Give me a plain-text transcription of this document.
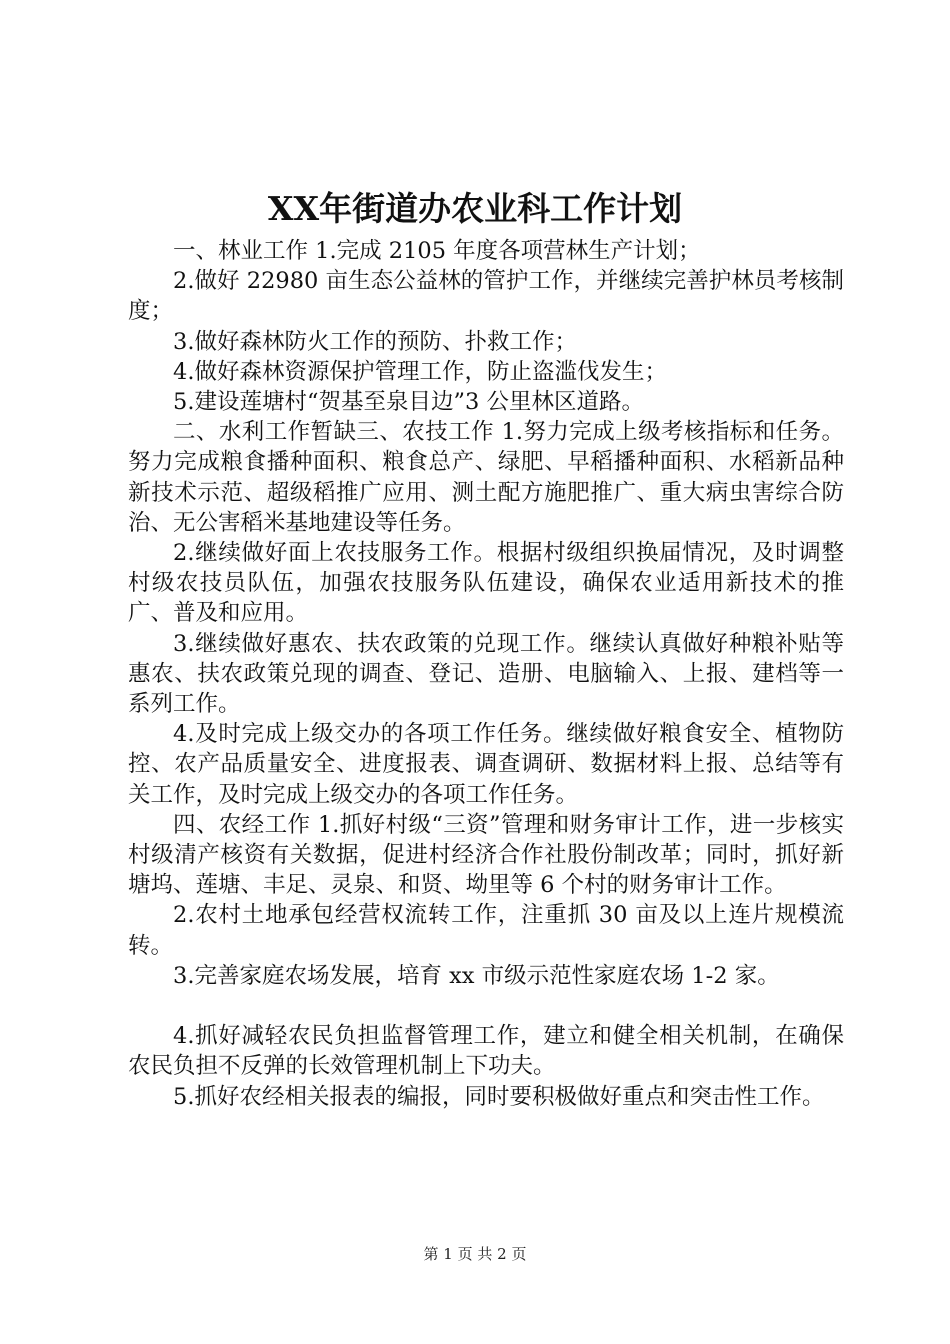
XX年街道办农业科工作计划

一、林业工作 1.完成 2105 年度各项营林生产计划；

2.做好 22980 亩生态公益林的管护工作，并继续完善护林员考核制度；

3.做好森林防火工作的预防、扑救工作；

4.做好森林资源保护管理工作，防止盗滥伐发生；

5.建设莲塘村“贺基至泉目边”3 公里林区道路。

二、水利工作暂缺三、农技工作 1.努力完成上级考核指标和任务。努力完成粮食播种面积、粮食总产、绿肥、早稻播种面积、水稻新品种新技术示范、超级稻推广应用、测土配方施肥推广、重大病虫害综合防治、无公害稻米基地建设等任务。

2.继续做好面上农技服务工作。根据村级组织换届情况，及时调整村级农技员队伍，加强农技服务队伍建设，确保农业适用新技术的推广、普及和应用。

3.继续做好惠农、扶农政策的兑现工作。继续认真做好种粮补贴等惠农、扶农政策兑现的调查、登记、造册、电脑输入、上报、建档等一系列工作。

4.及时完成上级交办的各项工作任务。继续做好粮食安全、植物防控、农产品质量安全、进度报表、调查调研、数据材料上报、总结等有关工作，及时完成上级交办的各项工作任务。

四、农经工作 1.抓好村级“三资”管理和财务审计工作，进一步核实村级清产核资有关数据，促进村经济合作社股份制改革；同时，抓好新塘坞、莲塘、丰足、灵泉、和贤、坳里等 6 个村的财务审计工作。

2.农村土地承包经营权流转工作，注重抓 30 亩及以上连片规模流转。

3.完善家庭农场发展，培育 xx 市级示范性家庭农场 1-2 家。

4.抓好减轻农民负担监督管理工作，建立和健全相关机制，在确保农民负担不反弹的长效管理机制上下功夫。

5.抓好农经相关报表的编报，同时要积极做好重点和突击性工作。

第 1 页 共 2 页
